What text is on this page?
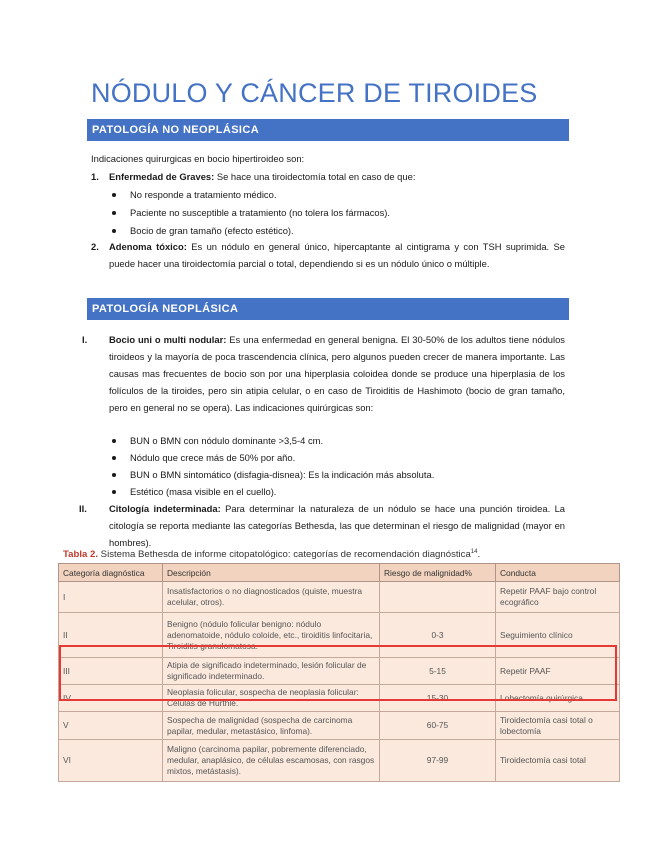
NÓDULO Y CÁNCER DE TIROIDES
PATOLOGÍA NO NEOPLÁSICA
Indicaciones quirurgicas en bocio hipertiroideo son:
1. Enfermedad de Graves: Se hace una tiroidectomía total en caso de que:
No responde a tratamiento médico.
Paciente no susceptible a tratamiento (no tolera los fármacos).
Bocio de gran tamaño (efecto estético).
2. Adenoma tóxico: Es un nódulo en general único, hipercaptante al cintigrama y con TSH suprimida. Se puede hacer una tiroidectomía parcial o total, dependiendo si es un nódulo único o múltiple.
PATOLOGÍA NEOPLÁSICA
I. Bocio uni o multi nodular: Es una enfermedad en general benigna. El 30-50% de los adultos tiene nódulos tiroideos y la mayoría de poca trascendencia clínica, pero algunos pueden crecer de manera importante. Las causas mas frecuentes de bocio son por una hiperplasia coloidea donde se produce una hiperplasia de los folículos de la tiroides, pero sin atipia celular, o en caso de Tiroiditis de Hashimoto (bocio de gran tamaño, pero en general no se opera). Las indicaciones quirúrgicas son:
BUN o BMN con nódulo dominante >3,5-4 cm.
Nódulo que crece más de 50% por año.
BUN o BMN sintomático (disfagia-disnea): Es la indicación más absoluta.
Estético (masa visible en el cuello).
II. Citología indeterminada: Para determinar la naturaleza de un nódulo se hace una punción tiroidea. La citología se reporta mediante las categorías Bethesda, las que determinan el riesgo de malignidad (mayor en hombres).
Tabla 2. Sistema Bethesda de informe citopatológico: categorías de recomendación diagnóstica$^{14}$.
Categoría diagnóstica	Descripción	Riesgo de malignidad%	Conducta
I	Insatisfactorios o no diagnosticados (quiste, muestra acelular, otros).		Repetir PAAF bajo control ecográfico
II	Benigno (nódulo folicular benigno: nódulo adenomatoide, nódulo coloide, etc., tiroiditis linfocitaria, Tiroiditis granulomatosa.	0-3	Seguimiento clínico
III	Atipia de significado indeterminado, lesión folicular de significado indeterminado.	5-15	Repetir PAAF
IV	Neoplasia folicular, sospecha de neoplasia folicular: Células de Hürthle.	15-30	Lobectomía quirúrgica
V	Sospecha de malignidad (sospecha de carcinoma papilar, medular, metastásico, linfoma).	60-75	Tiroidectomía casi total o lobectomía
VI	Maligno (carcinoma papilar, pobremente diferenciado, medular, anaplásico, de células escamosas, con rasgos mixtos, metástasis).	97-99	Tiroidectomía casi total
